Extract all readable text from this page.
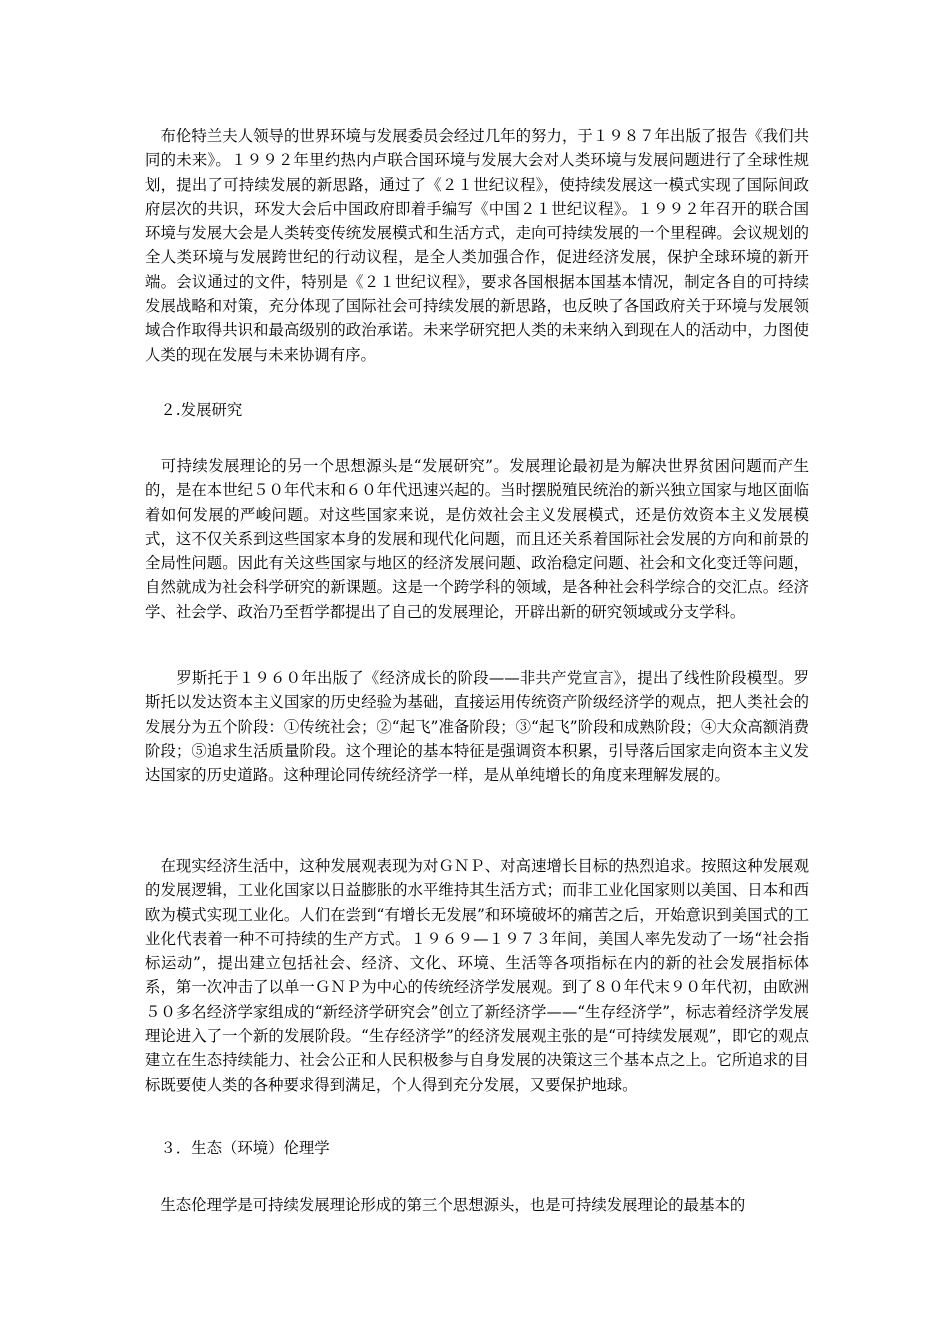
　布伦特兰夫人领导的世界环境与发展委员会经过几年的努力，于１９８７年出版了报告《我们共同的未来》。１９９２年里约热内卢联合国环境与发展大会对人类环境与发展问题进行了全球性规划，提出了可持续发展的新思路，通过了《２１世纪议程》，使持续发展这一模式实现了国际间政府层次的共识，环发大会后中国政府即着手编写《中国２１世纪议程》。１９９２年召开的联合国环境与发展大会是人类转变传统发展模式和生活方式，走向可持续发展的一个里程碑。会议规划的全人类环境与发展跨世纪的行动议程，是全人类加强合作，促进经济发展，保护全球环境的新开端。会议通过的文件，特别是《２１世纪议程》，要求各国根据本国基本情况，制定各自的可持续发展战略和对策，充分体现了国际社会可持续发展的新思路，也反映了各国政府关于环境与发展领域合作取得共识和最高级别的政治承诺。未来学研究把人类的未来纳入到现在人的活动中，力图使人类的现在发展与未来协调有序。

　２.发展研究

　可持续发展理论的另一个思想源头是“发展研究”。发展理论最初是为解决世界贫困问题而产生的，是在本世纪５０年代末和６０年代迅速兴起的。当时摆脱殖民统治的新兴独立国家与地区面临着如何发展的严峻问题。对这些国家来说，是仿效社会主义发展模式，还是仿效资本主义发展模式，这不仅关系到这些国家本身的发展和现代化问题，而且还关系着国际社会发展的方向和前景的全局性问题。因此有关这些国家与地区的经济发展问题、政治稳定问题、社会和文化变迁等问题，自然就成为社会科学研究的新课题。这是一个跨学科的领域，是各种社会科学综合的交汇点。经济学、社会学、政治乃至哲学都提出了自己的发展理论，开辟出新的研究领域或分支学科。

　　罗斯托于１９６０年出版了《经济成长的阶段——非共产党宣言》，提出了线性阶段模型。罗斯托以发达资本主义国家的历史经验为基础，直接运用传统资产阶级经济学的观点，把人类社会的发展分为五个阶段：①传统社会；②“起飞”准备阶段；③“起飞”阶段和成熟阶段；④大众高额消费阶段；⑤追求生活质量阶段。这个理论的基本特征是强调资本积累，引导落后国家走向资本主义发达国家的历史道路。这种理论同传统经济学一样，是从单纯增长的角度来理解发展的。

　在现实经济生活中，这种发展观表现为对ＧＮＰ、对高速增长目标的热烈追求。按照这种发展观的发展逻辑，工业化国家以日益膨胀的水平维持其生活方式；而非工业化国家则以美国、日本和西欧为模式实现工业化。人们在尝到“有增长无发展”和环境破坏的痛苦之后，开始意识到美国式的工业化代表着一种不可持续的生产方式。１９６９—１９７３年间，美国人率先发动了一场“社会指标运动”，提出建立包括社会、经济、文化、环境、生活等各项指标在内的新的社会发展指标体系，第一次冲击了以单一ＧＮＰ为中心的传统经济学发展观。到了８０年代末９０年代初，由欧洲５０多名经济学家组成的“新经济学研究会”创立了新经济学——“生存经济学”，标志着经济学发展理论进入了一个新的发展阶段。“生存经济学”的经济发展观主张的是“可持续发展观”，即它的观点建立在生态持续能力、社会公正和人民积极参与自身发展的决策这三个基本点之上。它所追求的目标既要使人类的各种要求得到满足，个人得到充分发展，又要保护地球。

　３．生态（环境）伦理学

　生态伦理学是可持续发展理论形成的第三个思想源头，也是可持续发展理论的最基本的
